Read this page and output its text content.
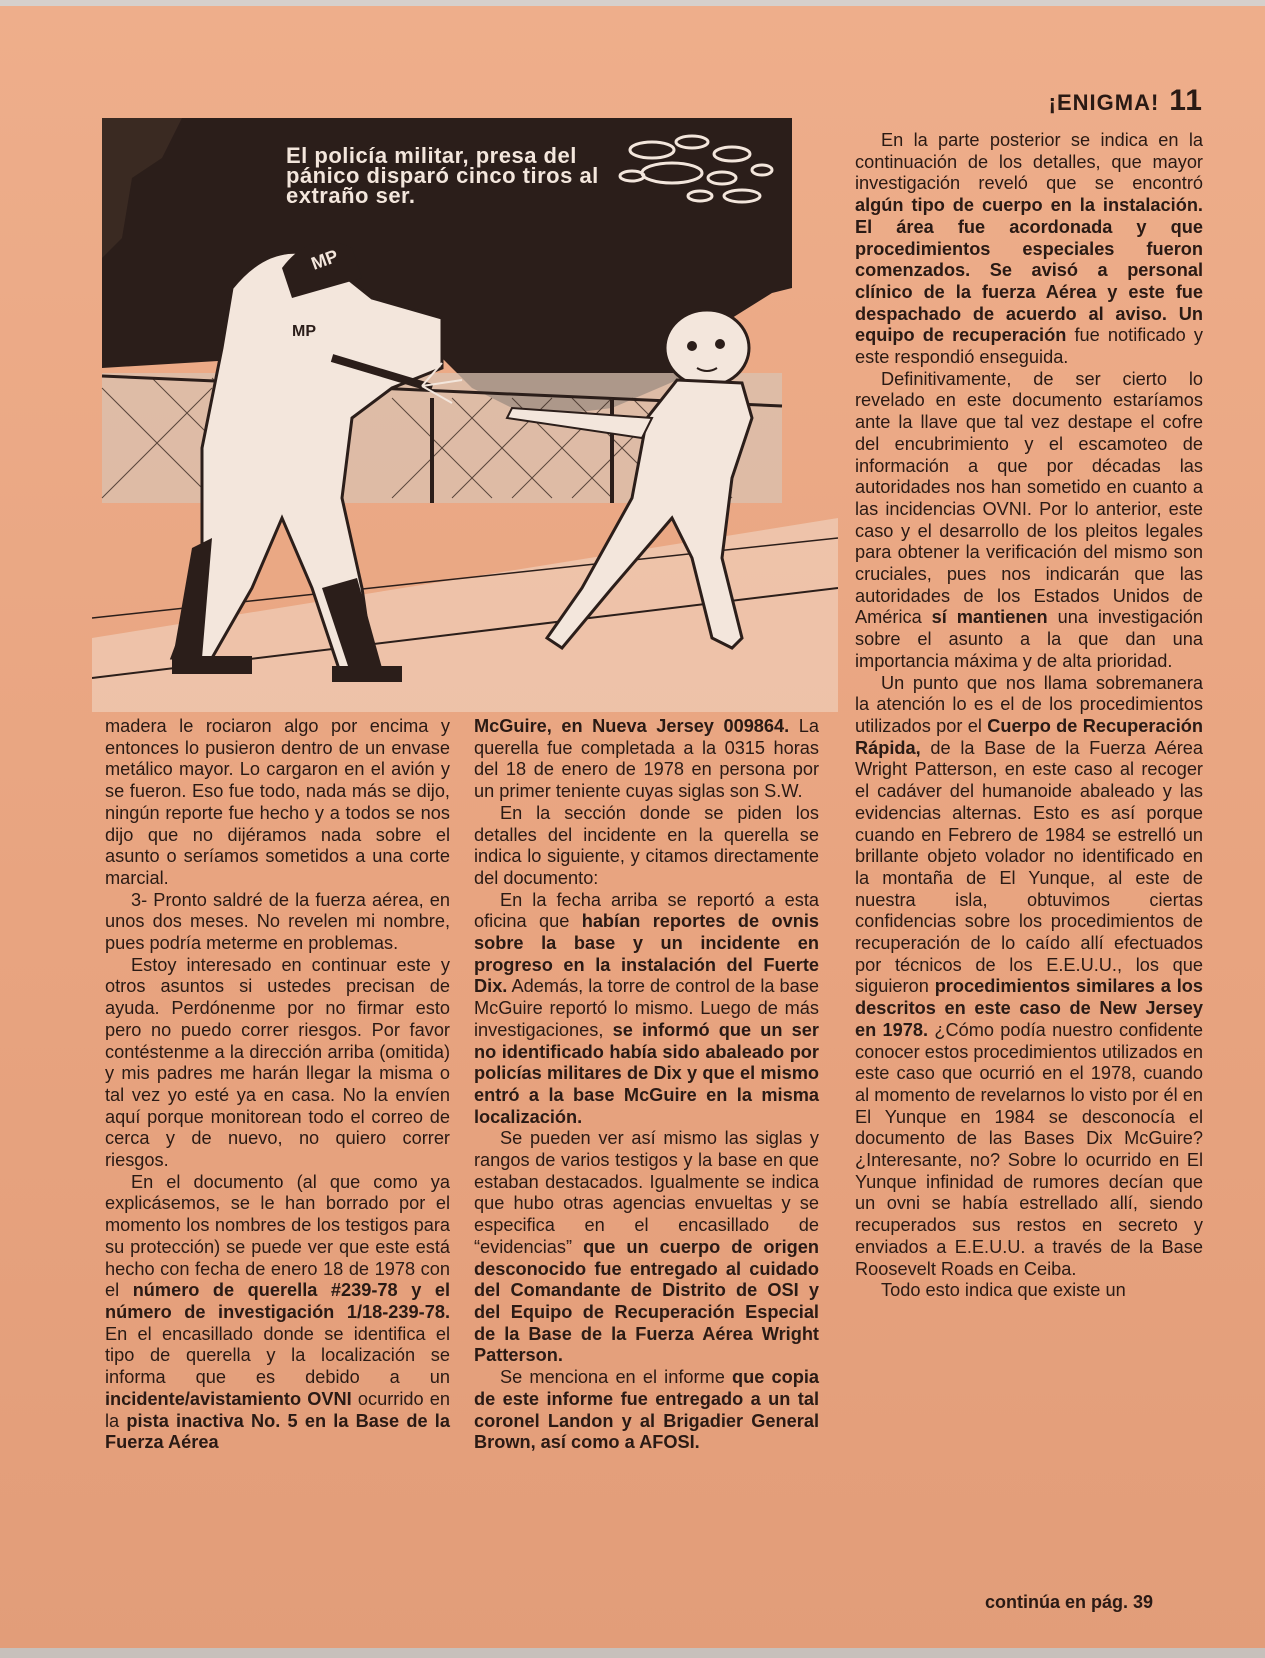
¡ENIGMA! 11
MP
MP
El policía militar, presa del pánico disparó cinco tiros al extraño ser.

madera le rociaron algo por encima y entonces lo pusieron dentro de un envase metálico mayor. Lo cargaron en el avión y se fueron. Eso fue todo, nada más se dijo, ningún reporte fue hecho y a todos se nos dijo que no dijéramos nada sobre el asunto o seríamos sometidos a una corte marcial.

3- Pronto saldré de la fuerza aérea, en unos dos meses. No revelen mi nombre, pues podría meterme en problemas.

Estoy interesado en continuar este y otros asuntos si ustedes precisan de ayuda. Perdónenme por no firmar esto pero no puedo correr riesgos. Por favor contéstenme a la dirección arriba (omitida) y mis padres me harán llegar la misma o tal vez yo esté ya en casa. No la envíen aquí porque monitorean todo el correo de cerca y de nuevo, no quiero correr riesgos.

En el documento (al que como ya explicásemos, se le han borrado por el momento los nombres de los testigos para su protección) se puede ver que este está hecho con fecha de enero 18 de 1978 con el número de querella #239-78 y el número de investigación 1/18-239-78. En el encasillado donde se identifica el tipo de querella y la localización se informa que es debido a un incidente/avistamiento OVNI ocurrido en la pista inactiva No. 5 en la Base de la Fuerza Aérea

McGuire, en Nueva Jersey 009864. La querella fue completada a la 0315 horas del 18 de enero de 1978 en persona por un primer teniente cuyas siglas son S.W.

En la sección donde se piden los detalles del incidente en la querella se indica lo siguiente, y citamos directamente del documento:

En la fecha arriba se reportó a esta oficina que habían reportes de ovnis sobre la base y un incidente en progreso en la instalación del Fuerte Dix. Además, la torre de control de la base McGuire reportó lo mismo. Luego de más investigaciones, se informó que un ser no identificado había sido abaleado por policías militares de Dix y que el mismo entró a la base McGuire en la misma localización.

Se pueden ver así mismo las siglas y rangos de varios testigos y la base en que estaban destacados. Igualmente se indica que hubo otras agencias envueltas y se especifica en el encasillado de “evidencias” que un cuerpo de origen desconocido fue entregado al cuidado del Comandante de Distrito de OSI y del Equipo de Recuperación Especial de la Base de la Fuerza Aérea Wright Patterson.

Se menciona en el informe que copia de este informe fue entregado a un tal coronel Landon y al Brigadier General Brown, así como a AFOSI.

En la parte posterior se indica en la continuación de los detalles, que mayor investigación reveló que se encontró algún tipo de cuerpo en la instalación. El área fue acordonada y que procedimientos especiales fueron comenzados. Se avisó a personal clínico de la fuerza Aérea y este fue despachado de acuerdo al aviso. Un equipo de recuperación fue notificado y este respondió enseguida.

Definitivamente, de ser cierto lo revelado en este documento estaríamos ante la llave que tal vez destape el cofre del encubrimiento y el escamoteo de información a que por décadas las autoridades nos han sometido en cuanto a las incidencias OVNI. Por lo anterior, este caso y el desarrollo de los pleitos legales para obtener la verificación del mismo son cruciales, pues nos indicarán que las autoridades de los Estados Unidos de América sí mantienen una investigación sobre el asunto a la que dan una importancia máxima y de alta prioridad.

Un punto que nos llama sobremanera la atención lo es el de los procedimientos utilizados por el Cuerpo de Recuperación Rápida, de la Base de la Fuerza Aérea Wright Patterson, en este caso al recoger el cadáver del humanoide abaleado y las evidencias alternas. Esto es así porque cuando en Febrero de 1984 se estrelló un brillante objeto volador no identificado en la montaña de El Yunque, al este de nuestra isla, obtuvimos ciertas confidencias sobre los procedimientos de recuperación de lo caído allí efectuados por técnicos de los E.E.U.U., los que siguieron procedimientos similares a los descritos en este caso de New Jersey en 1978. ¿Cómo podía nuestro confidente conocer estos procedimientos utilizados en este caso que ocurrió en el 1978, cuando al momento de revelarnos lo visto por él en El Yunque en 1984 se desconocía el documento de las Bases Dix McGuire? ¿Interesante, no? Sobre lo ocurrido en El Yunque infinidad de rumores decían que un ovni se había estrellado allí, siendo recuperados sus restos en secreto y enviados a E.E.U.U. a través de la Base Roosevelt Roads en Ceiba.

Todo esto indica que existe un

continúa en pág. 39
